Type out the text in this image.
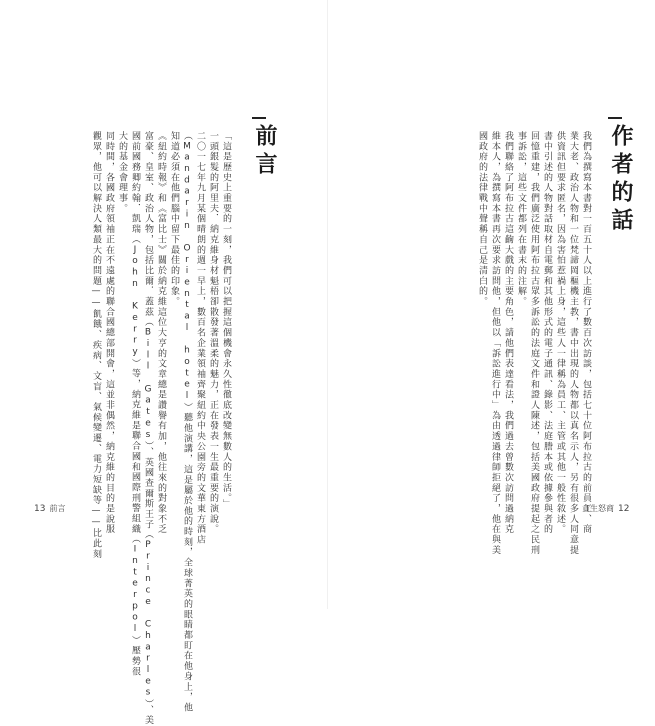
作者的話
我們為撰寫本書對一百五十人以上進行了數百次訪談，包括七十位阿布拉古的前員工、商
業大老、政治人物和一位梵諦岡樞機主教，書中出現的人物都以真名示人，另有很多人同意提
供資訊但要求匿名，因為害怕惹禍上身，這些人一律稱為員工、主管或其他一般性敘述。
書中引述的人物對話取材自電郵和其他形式的電子通訊、錄影、法庭謄本或依據參與者的
回憶重建，我們廣泛使用阿布拉古眾多訴訟的法庭文件和證人陳述，包括美國政府提起之民刑
事訴訟，這些文件都列在書末的注解。
我們聯絡了阿布拉古這齣大戲的主要角色，請他們表達看法，我們過去曾數次訪問過納克
維本人，為撰寫本書再次要求訪問他，但他以「訴訟進行中」為由透過律師拒絕了，他在與美
國政府的法律戰中聲稱自己是清白的。
前言
「這是歷史上重要的一刻，我們可以把握這個機會永久性徹底改變無數人的生活。」
一頭銀髮的阿里夫．納克維身材魁梧卻散發著溫柔的魅力，正在發表一生最重要的演說。
二〇一七年九月某個晴朗的週一早上，數百名企業領袖齊聚紐約中央公園旁的文華東方酒店
（Mandarin Oriental hotel）聽他演講，這是屬於他的時刻，全球菁英的眼睛都盯在他身上，他
知道必須在他們腦中留下最佳的印象。
《紐約時報》和《富比士》關於納克維這位大亨的文章總是讚譽有加，他往來的對象不乏
富豪、皇室、政治人物，包括比爾．蓋茲（Bill Gates）、英國查爾斯王子（Prince Charles）、美
國前國務卿約翰．凱瑞（John Kerry）等，納克維是聯合國和國際刑警組織（Interpol）壓勢很
大的基金會理事。
同時間，各國政府領袖正在不遠處的聯合國總部開會，這並非偶然，納克維的目的是說服
觀眾，他可以解決人類最大的問題——飢餓、疾病、文盲、氣候變遷、電力短缺等——比此刻
13 前言	貪生怒商 12
